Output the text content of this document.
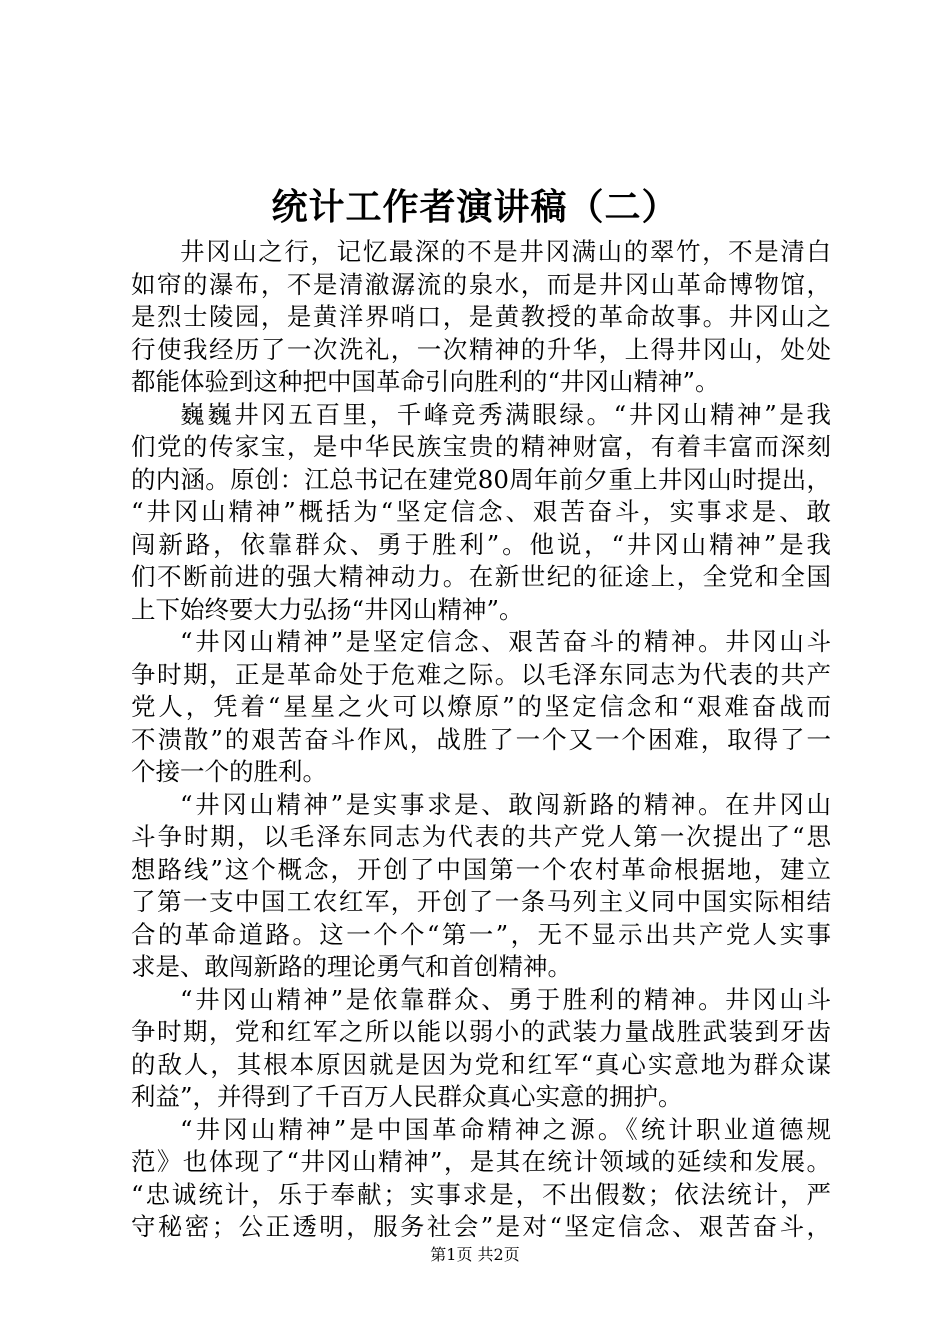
统计工作者演讲稿（二）
井冈山之行，记忆最深的不是井冈满山的翠竹，不是清白
如帘的瀑布，不是清澈潺流的泉水，而是井冈山革命博物馆，
是烈士陵园，是黄洋界哨口，是黄教授的革命故事。井冈山之
行使我经历了一次洗礼，一次精神的升华，上得井冈山，处处
都能体验到这种把中国革命引向胜利的“井冈山精神”。
巍巍井冈五百里，千峰竞秀满眼绿。“井冈山精神”是我
们党的传家宝，是中华民族宝贵的精神财富，有着丰富而深刻
的内涵。原创：江总书记在建党80周年前夕重上井冈山时提出，
“井冈山精神”概括为“坚定信念、艰苦奋斗，实事求是、敢
闯新路，依靠群众、勇于胜利”。他说，“井冈山精神”是我
们不断前进的强大精神动力。在新世纪的征途上，全党和全国
上下始终要大力弘扬“井冈山精神”。
“井冈山精神”是坚定信念、艰苦奋斗的精神。井冈山斗
争时期，正是革命处于危难之际。以毛泽东同志为代表的共产
党人，凭着“星星之火可以燎原”的坚定信念和“艰难奋战而
不溃散”的艰苦奋斗作风，战胜了一个又一个困难，取得了一
个接一个的胜利。
“井冈山精神”是实事求是、敢闯新路的精神。在井冈山
斗争时期，以毛泽东同志为代表的共产党人第一次提出了“思
想路线”这个概念，开创了中国第一个农村革命根据地，建立
了第一支中国工农红军，开创了一条马列主义同中国实际相结
合的革命道路。这一个个“第一”，无不显示出共产党人实事
求是、敢闯新路的理论勇气和首创精神。
“井冈山精神”是依靠群众、勇于胜利的精神。井冈山斗
争时期，党和红军之所以能以弱小的武装力量战胜武装到牙齿
的敌人，其根本原因就是因为党和红军“真心实意地为群众谋
利益”，并得到了千百万人民群众真心实意的拥护。
“井冈山精神”是中国革命精神之源。《统计职业道德规
范》也体现了“井冈山精神”，是其在统计领域的延续和发展。
“忠诚统计，乐于奉献；实事求是，不出假数；依法统计，严
守秘密；公正透明，服务社会”是对“坚定信念、艰苦奋斗，
第1页 共2页
